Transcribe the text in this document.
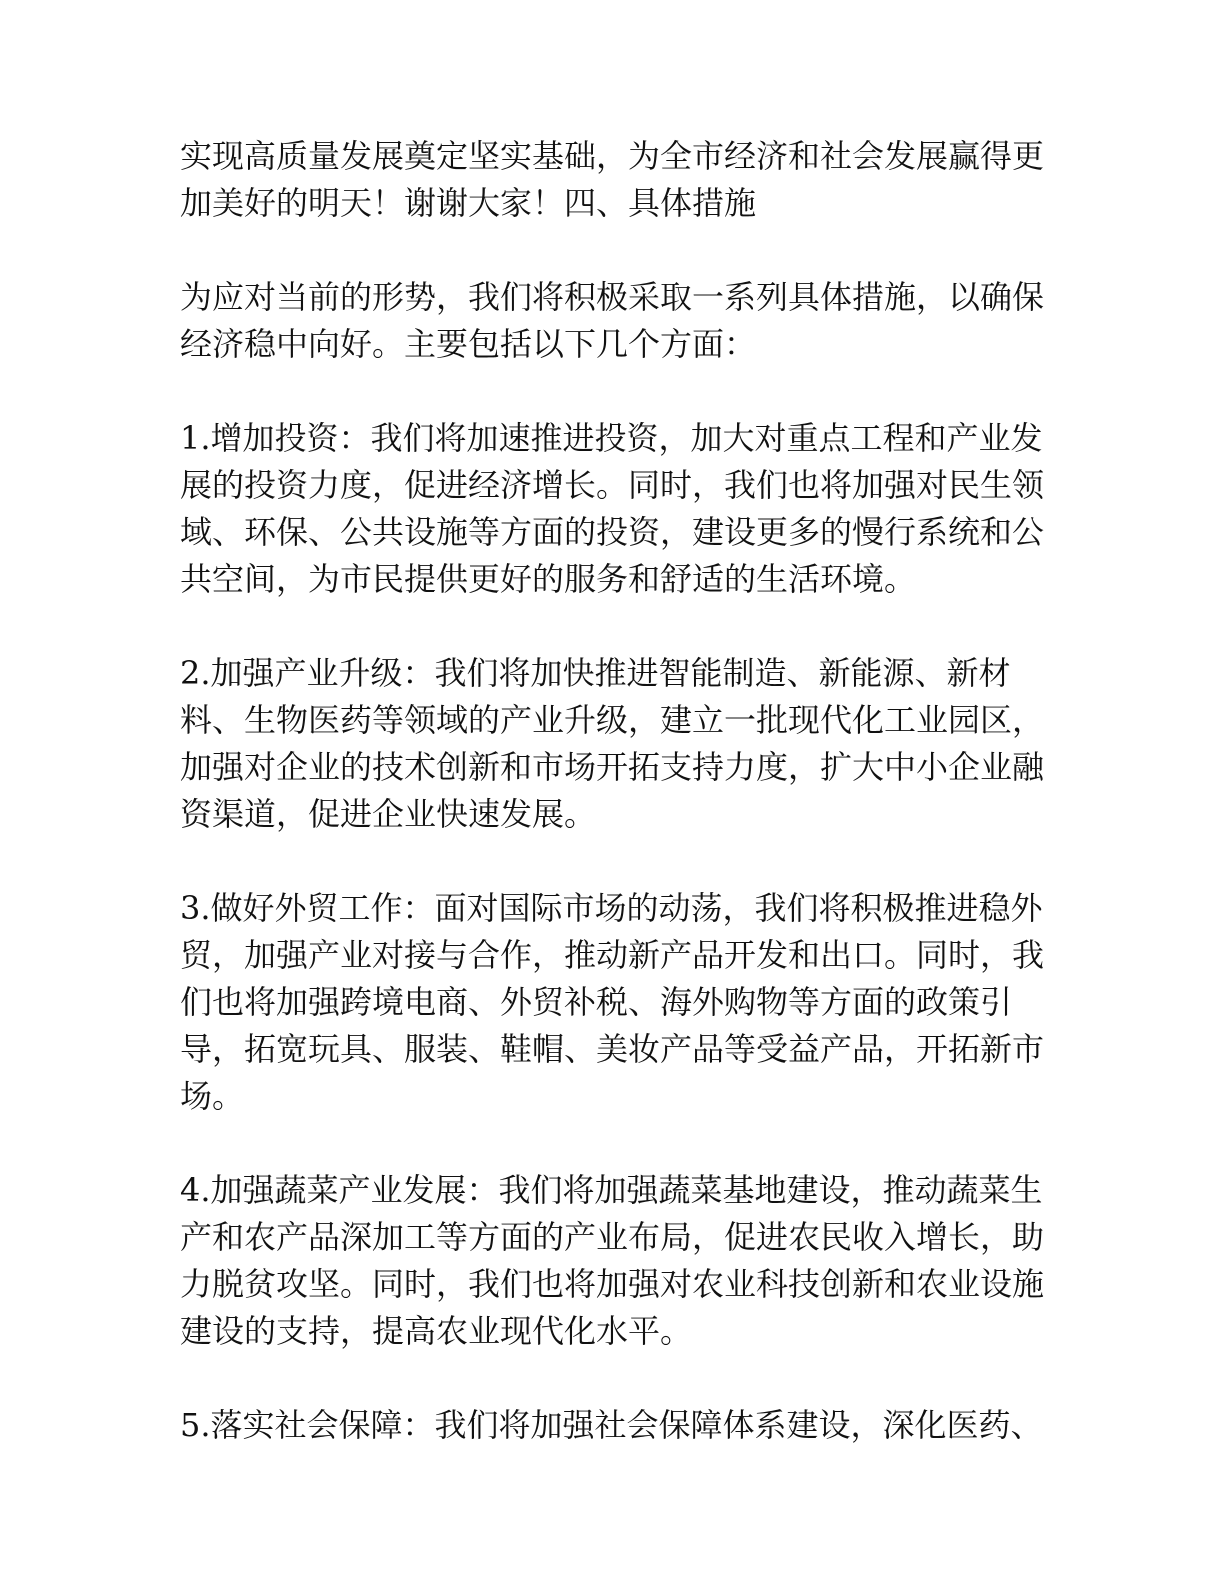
实现高质量发展奠定坚实基础，为全市经济和社会发展赢得更加美好的明天！谢谢大家！四、具体措施

为应对当前的形势，我们将积极采取一系列具体措施，以确保经济稳中向好。主要包括以下几个方面：

1.增加投资：我们将加速推进投资，加大对重点工程和产业发展的投资力度，促进经济增长。同时，我们也将加强对民生领域、环保、公共设施等方面的投资，建设更多的慢行系统和公共空间，为市民提供更好的服务和舒适的生活环境。

2.加强产业升级：我们将加快推进智能制造、新能源、新材料、生物医药等领域的产业升级，建立一批现代化工业园区，加强对企业的技术创新和市场开拓支持力度，扩大中小企业融资渠道，促进企业快速发展。

3.做好外贸工作：面对国际市场的动荡，我们将积极推进稳外贸，加强产业对接与合作，推动新产品开发和出口。同时，我们也将加强跨境电商、外贸补税、海外购物等方面的政策引导，拓宽玩具、服装、鞋帽、美妆产品等受益产品，开拓新市场。

4.加强蔬菜产业发展：我们将加强蔬菜基地建设，推动蔬菜生产和农产品深加工等方面的产业布局，促进农民收入增长，助力脱贫攻坚。同时，我们也将加强对农业科技创新和农业设施建设的支持，提高农业现代化水平。

5.落实社会保障：我们将加强社会保障体系建设，深化医药、
